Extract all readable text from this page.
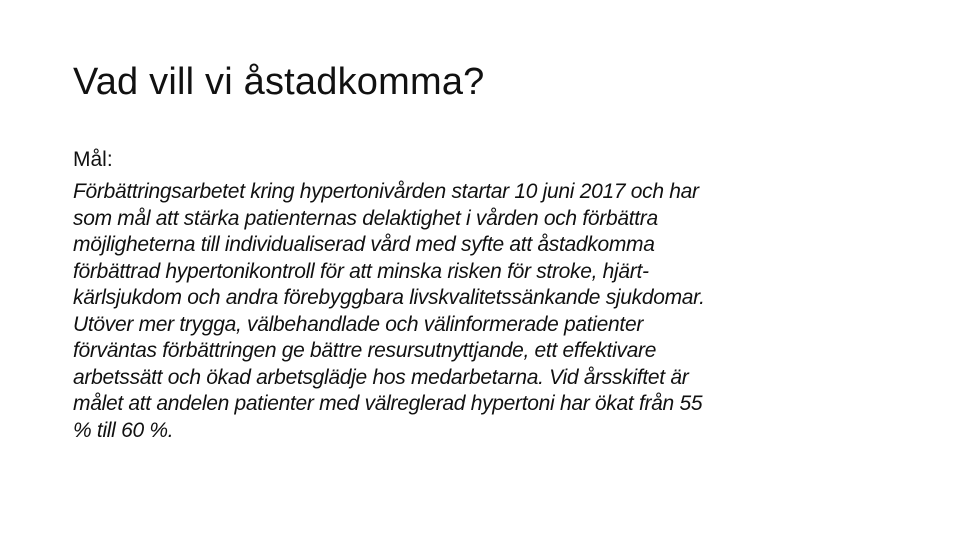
Vad vill vi åstadkomma?

Mål:

Förbättringsarbetet kring hypertonivården startar 10 juni 2017 och har
som mål att stärka patienternas delaktighet i vården och förbättra
möjligheterna till individualiserad vård med syfte att åstadkomma
förbättrad hypertonikontroll för att minska risken för stroke, hjärt-
kärlsjukdom och andra förebyggbara livskvalitetssänkande sjukdomar.
Utöver mer trygga, välbehandlade och välinformerade patienter
förväntas förbättringen ge bättre resursutnyttjande, ett effektivare
arbetssätt och ökad arbetsglädje hos medarbetarna. Vid årsskiftet är
målet att andelen patienter med välreglerad hypertoni har ökat från 55
% till 60 %.
